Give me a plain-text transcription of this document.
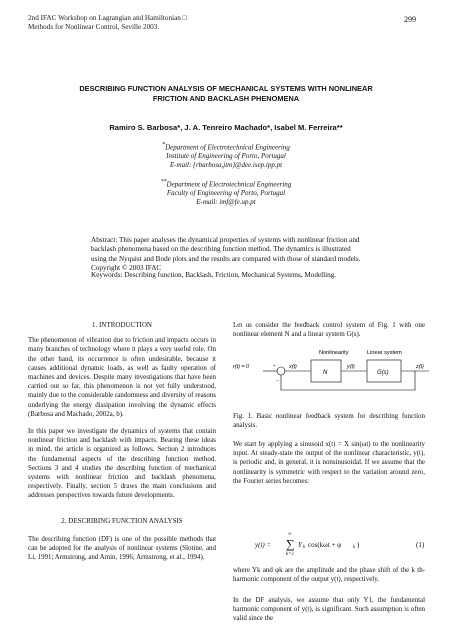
2nd IFAC Workshop on Lagrangian and Hamiltonian □
Methods for Nonlinear Control, Seville 2003.
299
DESCRIBING FUNCTION ANALYSIS OF MECHANICAL SYSTEMS WITH NONLINEAR
FRICTION AND BACKLASH PHENOMENA
Ramiro S. Barbosa*, J. A. Tenreiro Machado*, Isabel M. Ferreira**
*Department of Electrotechnical Engineering
Institute of Engineering of Porto, Portugal
E-mail: {rbarbosa,jtm}@dee.isep.ipp.pt
**Department of Electrotechnical Engineering
Faculty of Engineering of Porto, Portugal
E-mail: imf@fe.up.pt
Abstract: This paper analyses the dynamical properties of systems with nonlinear friction and backlash phenomena based on the describing function method. The dynamics is illustrated using the Nyquist and Bode plots and the results are compared with those of standard models. Copyright © 2003 IFAC
Keywords: Describing function, Backlash, Friction, Mechanical Systems, Modelling.
1. INTRODUCTION

The phenomenon of vibration due to friction and impacts occurs in many branches of technology where it plays a very useful role. On the other hand, its occurrence is often undesirable, because it causes additional dynamic loads, as well as faulty operation of machines and devices. Despite many investigations that have been carried out so far, this phenomenon is not yet fully understood, mainly due to the considerable randomness and diversity of reasons underlying the energy dissipation involving the dynamic effects (Barbosa and Machado, 2002a, b).

In this paper we investigate the dynamics of systems that contain nonlinear friction and backlash with impacts. Bearing these ideas in mind, the article is organized as follows. Section 2 introduces the fundamental aspects of the describing function method. Sections 3 and 4 studies the describing function of mechanical systems with nonlinear friction and backlash phenomena, respectively. Finally, section 5 draws the main conclusions and addresses perspectives towards future developments.

2. DESCRIBING FUNCTION ANALYSIS

The describing function (DF) is one of the possible methods that can be adopted for the analysis of nonlinear systems (Slotine, and Li, 1991; Armstrong, and Amin, 1996; Armstrong, et al., 1994).

Let us consider the feedback control system of Fig. 1 with one nonlinear element N and a linear system G(s).
Nonlinearity	Linear system
r(t) = 0	+
−
x(t)
N
y(t)
G(s)
z(t)
Fig. 1. Basic nonlinear feedback system for describing function analysis.
We start by applying a sinusoid x(t) = X sin(ωt) to the nonlinearity input. At steady-state the output of the nonlinear characteristic, y(t), is periodic and, in general, it is nonsinusoidal. If we assume that the nonlinearity is symmetric with respect to the variation around zero, the Fourier series becomes:
y(t) =
∞
∑
k=1
Y k cos(kωt + φ k )	(1)
where Yk and φk are the amplitude and the phase shift of the k th-harmonic component of the output y(t), respectively.
In the DF analysis, we assume that only Y1, the fundamental harmonic component of y(t), is significant. Such assumption is often valid since the
